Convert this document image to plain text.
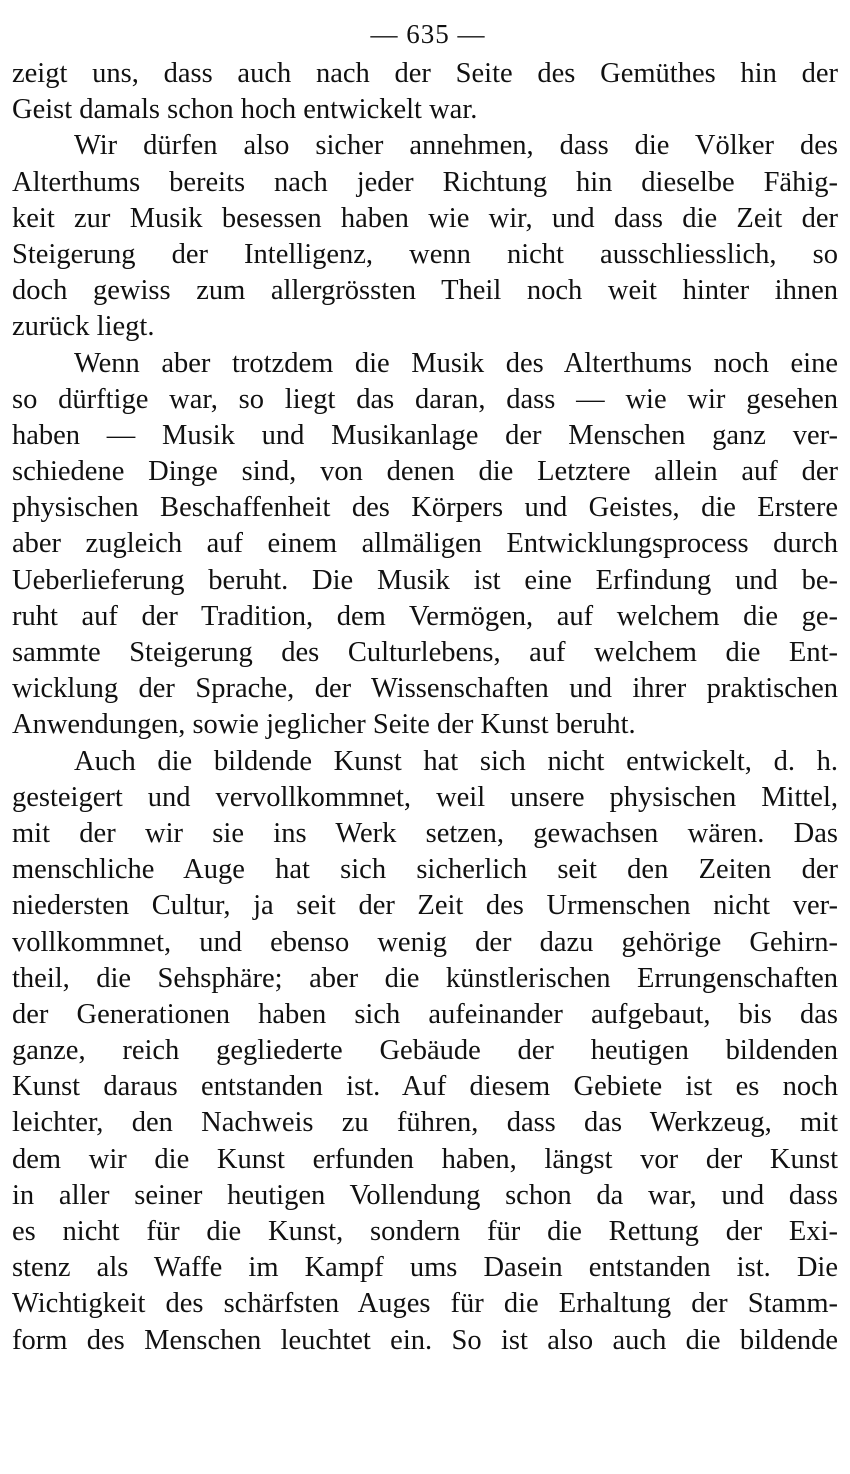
— 635 —
zeigt uns, dass auch nach der Seite des Gemüthes hin der
Geist damals schon hoch entwickelt war.
Wir dürfen also sicher annehmen, dass die Völker des
Alterthums bereits nach jeder Richtung hin dieselbe Fähig-
keit zur Musik besessen haben wie wir, und dass die Zeit der
Steigerung der Intelligenz, wenn nicht ausschliesslich, so
doch gewiss zum allergrössten Theil noch weit hinter ihnen
zurück liegt.
Wenn aber trotzdem die Musik des Alterthums noch eine
so dürftige war, so liegt das daran, dass — wie wir gesehen
haben — Musik und Musikanlage der Menschen ganz ver-
schiedene Dinge sind, von denen die Letztere allein auf der
physischen Beschaffenheit des Körpers und Geistes, die Erstere
aber zugleich auf einem allmäligen Entwicklungsprocess durch
Ueberlieferung beruht. Die Musik ist eine Erfindung und be-
ruht auf der Tradition, dem Vermögen, auf welchem die ge-
sammte Steigerung des Culturlebens, auf welchem die Ent-
wicklung der Sprache, der Wissenschaften und ihrer praktischen
Anwendungen, sowie jeglicher Seite der Kunst beruht.
Auch die bildende Kunst hat sich nicht entwickelt, d. h.
gesteigert und vervollkommnet, weil unsere physischen Mittel,
mit der wir sie ins Werk setzen, gewachsen wären. Das
menschliche Auge hat sich sicherlich seit den Zeiten der
niedersten Cultur, ja seit der Zeit des Urmenschen nicht ver-
vollkommnet, und ebenso wenig der dazu gehörige Gehirn-
theil, die Sehsphäre; aber die künstlerischen Errungenschaften
der Generationen haben sich aufeinander aufgebaut, bis das
ganze, reich gegliederte Gebäude der heutigen bildenden
Kunst daraus entstanden ist. Auf diesem Gebiete ist es noch
leichter, den Nachweis zu führen, dass das Werkzeug, mit
dem wir die Kunst erfunden haben, längst vor der Kunst
in aller seiner heutigen Vollendung schon da war, und dass
es nicht für die Kunst, sondern für die Rettung der Exi-
stenz als Waffe im Kampf ums Dasein entstanden ist. Die
Wichtigkeit des schärfsten Auges für die Erhaltung der Stamm-
form des Menschen leuchtet ein. So ist also auch die bildende
